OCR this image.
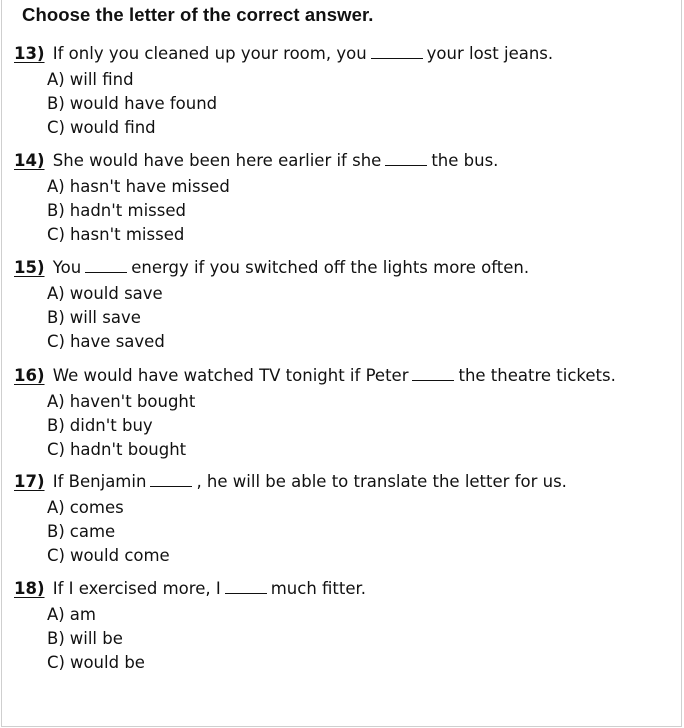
Choose the letter of the correct answer.
13) If only you cleaned up your room, you	your lost jeans.
A) will find
B) would have found
C) would find
14) She would have been here earlier if she	the bus.
A) hasn't have missed
B) hadn't missed
C) hasn't missed
15) You	energy if you switched off the lights more often.
A) would save
B) will save
C) have saved
16) We would have watched TV tonight if Peter	the theatre tickets.
A) haven't bought
B) didn't buy
C) hadn't bought
17) If Benjamin	, he will be able to translate the letter for us.
A) comes
B) came
C) would come
18) If I exercised more, I	much fitter.
A) am
B) will be
C) would be
